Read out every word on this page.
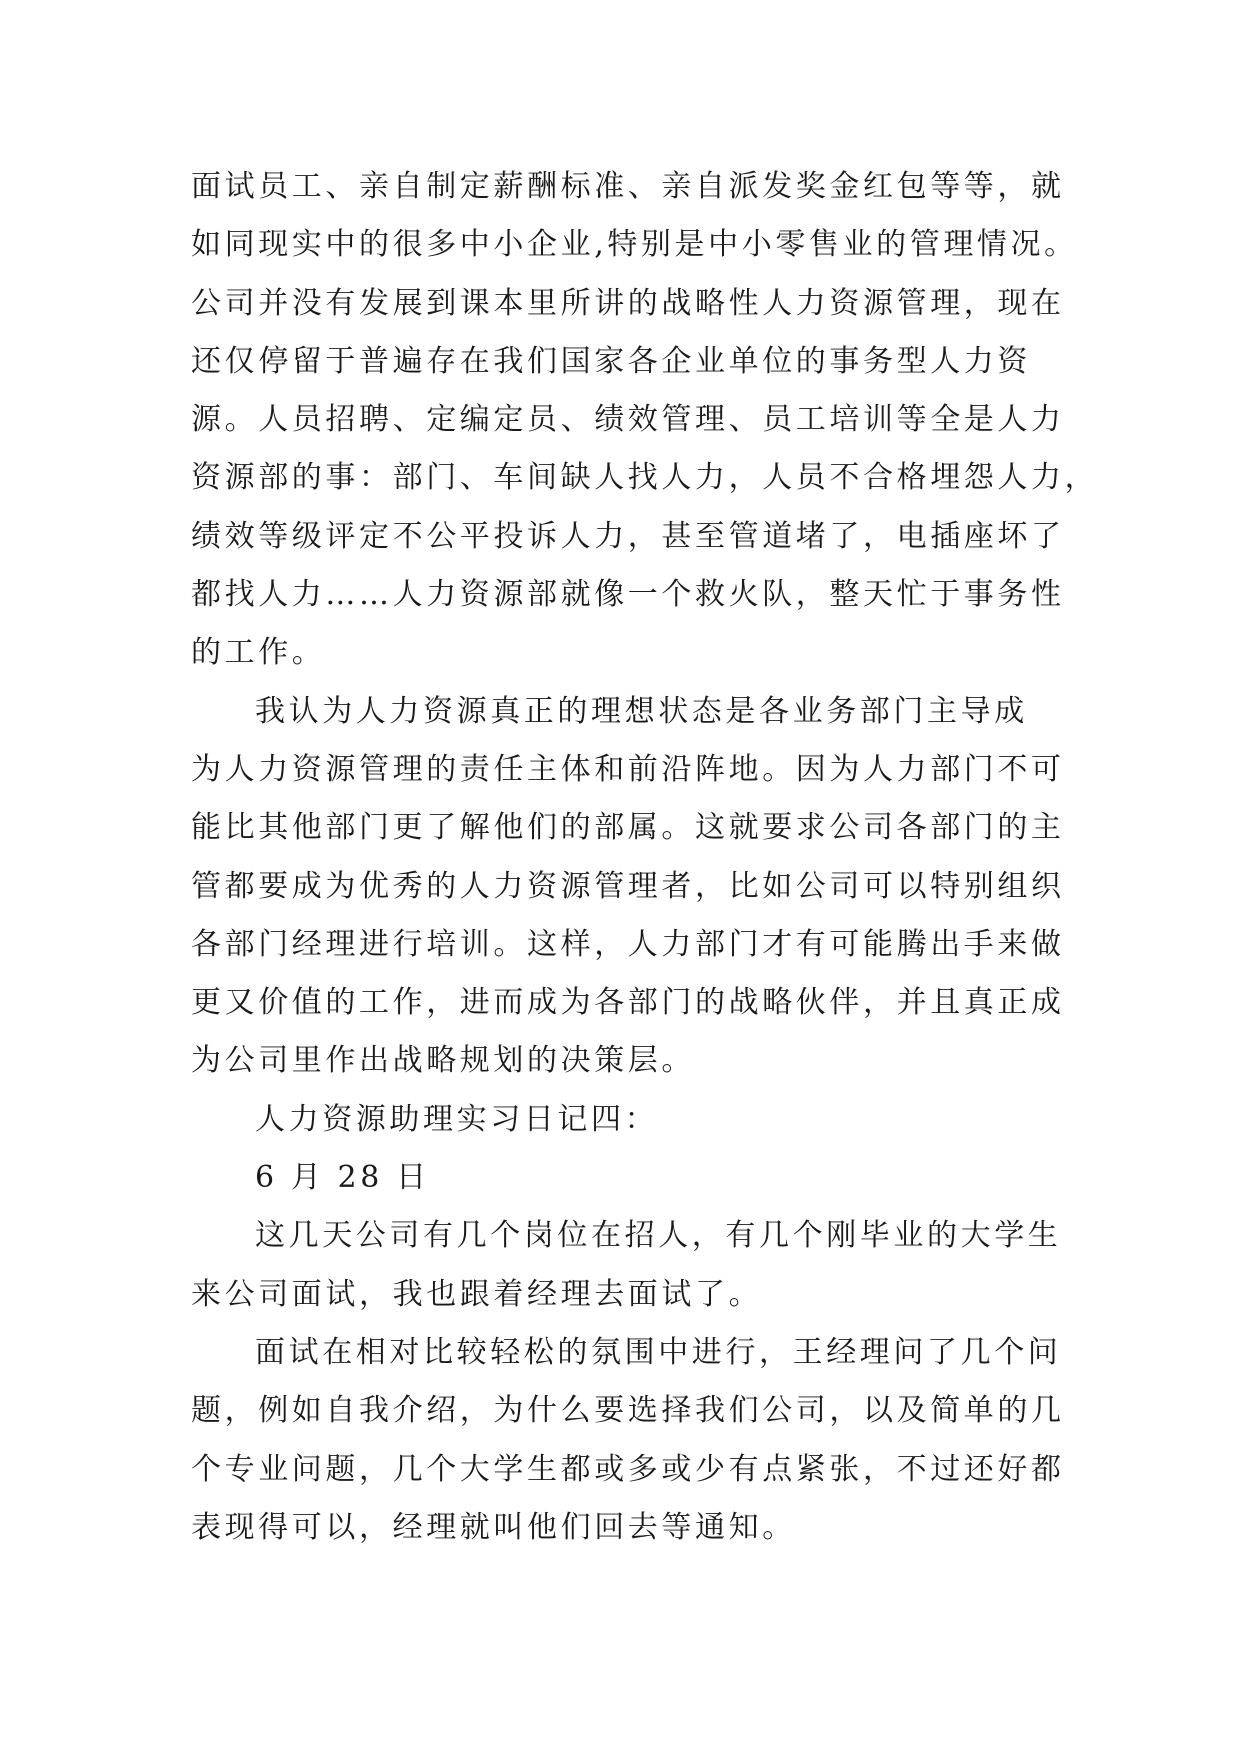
面试员工、亲自制定薪酬标准、亲自派发奖金红包等等，就
如同现实中的很多中小企业,特别是中小零售业的管理情况。
公司并没有发展到课本里所讲的战略性人力资源管理，现在
还仅停留于普遍存在我们国家各企业单位的事务型人力资
源。人员招聘、定编定员、绩效管理、员工培训等全是人力
资源部的事：部门、车间缺人找人力，人员不合格埋怨人力，
绩效等级评定不公平投诉人力，甚至管道堵了，电插座坏了
都找人力……人力资源部就像一个救火队，整天忙于事务性
的工作。
我认为人力资源真正的理想状态是各业务部门主导成
为人力资源管理的责任主体和前沿阵地。因为人力部门不可
能比其他部门更了解他们的部属。这就要求公司各部门的主
管都要成为优秀的人力资源管理者，比如公司可以特别组织
各部门经理进行培训。这样，人力部门才有可能腾出手来做
更又价值的工作，进而成为各部门的战略伙伴，并且真正成
为公司里作出战略规划的决策层。
人力资源助理实习日记四：
6 月 28 日
这几天公司有几个岗位在招人，有几个刚毕业的大学生
来公司面试，我也跟着经理去面试了。
面试在相对比较轻松的氛围中进行，王经理问了几个问
题，例如自我介绍，为什么要选择我们公司，以及简单的几
个专业问题，几个大学生都或多或少有点紧张，不过还好都
表现得可以，经理就叫他们回去等通知。
